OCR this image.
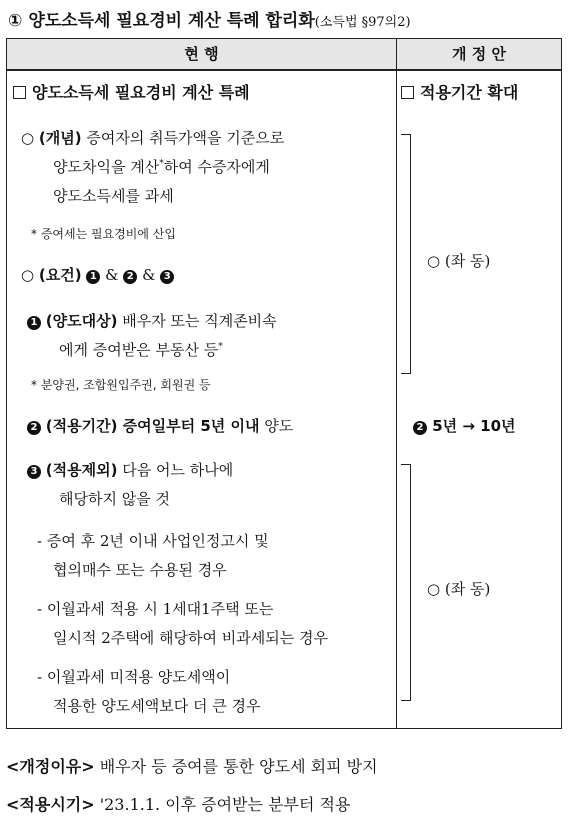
① 양도소득세 필요경비 계산 특례 합리화(소득법 §97의2)
현 행	개 정 안
양도소득세 필요경비 계산 특례
○ (개념) 증여자의 취득가액을 기준으로
양도차익을 계산*하여 수증자에게
양도소득세를 과세
* 증여세는 필요경비에 산입
○ (요건) 1 & 2 & 3
1 (양도대상) 배우자 또는 직계존비속
에게 증여받은 부동산 등*
* 분양권, 조합원입주권, 회원권 등
2 (적용기간) 증여일부터 5년 이내 양도
3 (적용제외) 다음 어느 하나에
해당하지 않을 것
- 증여 후 2년 이내 사업인정고시 및
협의매수 또는 수용된 경우
- 이월과세 적용 시 1세대1주택 또는
일시적 2주택에 해당하여 비과세되는 경우
- 이월과세 미적용 양도세액이
적용한 양도세액보다 더 큰 경우
적용기간 확대
○ (좌 동)
2 5년 → 10년
○ (좌 동)
<개정이유> 배우자 등 증여를 통한 양도세 회피 방지
<적용시기> '23.1.1. 이후 증여받는 분부터 적용
